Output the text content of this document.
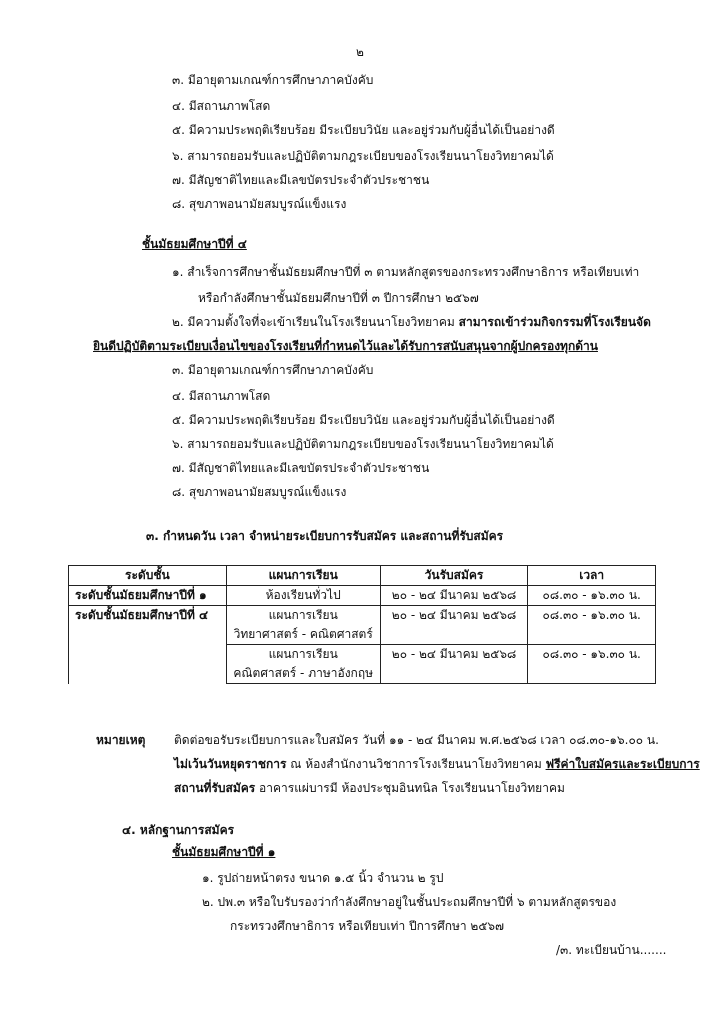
๒
๓. มีอายุตามเกณฑ์การศึกษาภาคบังคับ
๔. มีสถานภาพโสด
๕. มีความประพฤติเรียบร้อย มีระเบียบวินัย และอยู่ร่วมกับผู้อื่นได้เป็นอย่างดี
๖. สามารถยอมรับและปฏิบัติตามกฎระเบียบของโรงเรียนนาโยงวิทยาคมได้
๗. มีสัญชาติไทยและมีเลขบัตรประจำตัวประชาชน
๘. สุขภาพอนามัยสมบูรณ์แข็งแรง
ชั้นมัธยมศึกษาปีที่ ๔
๑. สำเร็จการศึกษาชั้นมัธยมศึกษาปีที่ ๓ ตามหลักสูตรของกระทรวงศึกษาธิการ หรือเทียบเท่า
หรือกำลังศึกษาชั้นมัธยมศึกษาปีที่ ๓ ปีการศึกษา ๒๕๖๗
๒. มีความตั้งใจที่จะเข้าเรียนในโรงเรียนนาโยงวิทยาคม สามารถเข้าร่วมกิจกรรมที่โรงเรียนจัด
ยินดีปฏิบัติตามระเบียบเงื่อนไขของโรงเรียนที่กำหนดไว้และได้รับการสนับสนุนจากผู้ปกครองทุกด้าน
๓. มีอายุตามเกณฑ์การศึกษาภาคบังคับ
๔. มีสถานภาพโสด
๕. มีความประพฤติเรียบร้อย มีระเบียบวินัย และอยู่ร่วมกับผู้อื่นได้เป็นอย่างดี
๖. สามารถยอมรับและปฏิบัติตามกฎระเบียบของโรงเรียนนาโยงวิทยาคมได้
๗. มีสัญชาติไทยและมีเลขบัตรประจำตัวประชาชน
๘. สุขภาพอนามัยสมบูรณ์แข็งแรง
๓. กำหนดวัน เวลา จำหน่ายระเบียบการรับสมัคร และสถานที่รับสมัคร
ระดับชั้น	แผนการเรียน	วันรับสมัคร	เวลา
ระดับชั้นมัธยมศึกษาปีที่ ๑	ห้องเรียนทั่วไป	๒๐ - ๒๔ มีนาคม ๒๕๖๘	๐๘.๓๐ - ๑๖.๓๐ น.
ระดับชั้นมัธยมศึกษาปีที่ ๔	แผนการเรียน
วิทยาศาสตร์ - คณิตศาสตร์	๒๐ - ๒๔ มีนาคม ๒๕๖๘	๐๘.๓๐ - ๑๖.๓๐ น.

	แผนการเรียน
คณิตศาสตร์ - ภาษาอังกฤษ	๒๐ - ๒๔ มีนาคม ๒๕๖๘	๐๘.๓๐ - ๑๖.๓๐ น.
หมายเหตุ ติดต่อขอรับระเบียบการและใบสมัคร วันที่ ๑๑ - ๒๔ มีนาคม พ.ศ.๒๕๖๘ เวลา ๐๘.๓๐-๑๖.๐๐ น.
ไม่เว้นวันหยุดราชการ ณ ห้องสำนักงานวิชาการโรงเรียนนาโยงวิทยาคม ฟรีค่าใบสมัครและระเบียบการ
สถานที่รับสมัคร อาคารแผ่บารมี ห้องประชุมอินทนิล โรงเรียนนาโยงวิทยาคม
๔. หลักฐานการสมัคร
ชั้นมัธยมศึกษาปีที่ ๑
๑. รูปถ่ายหน้าตรง ขนาด ๑.๕ นิ้ว จำนวน ๒ รูป
๒. ปพ.๓ หรือใบรับรองว่ากำลังศึกษาอยู่ในชั้นประถมศึกษาปีที่ ๖ ตามหลักสูตรของ
กระทรวงศึกษาธิการ หรือเทียบเท่า ปีการศึกษา ๒๕๖๗
/๓. ทะเบียนบ้าน.......
